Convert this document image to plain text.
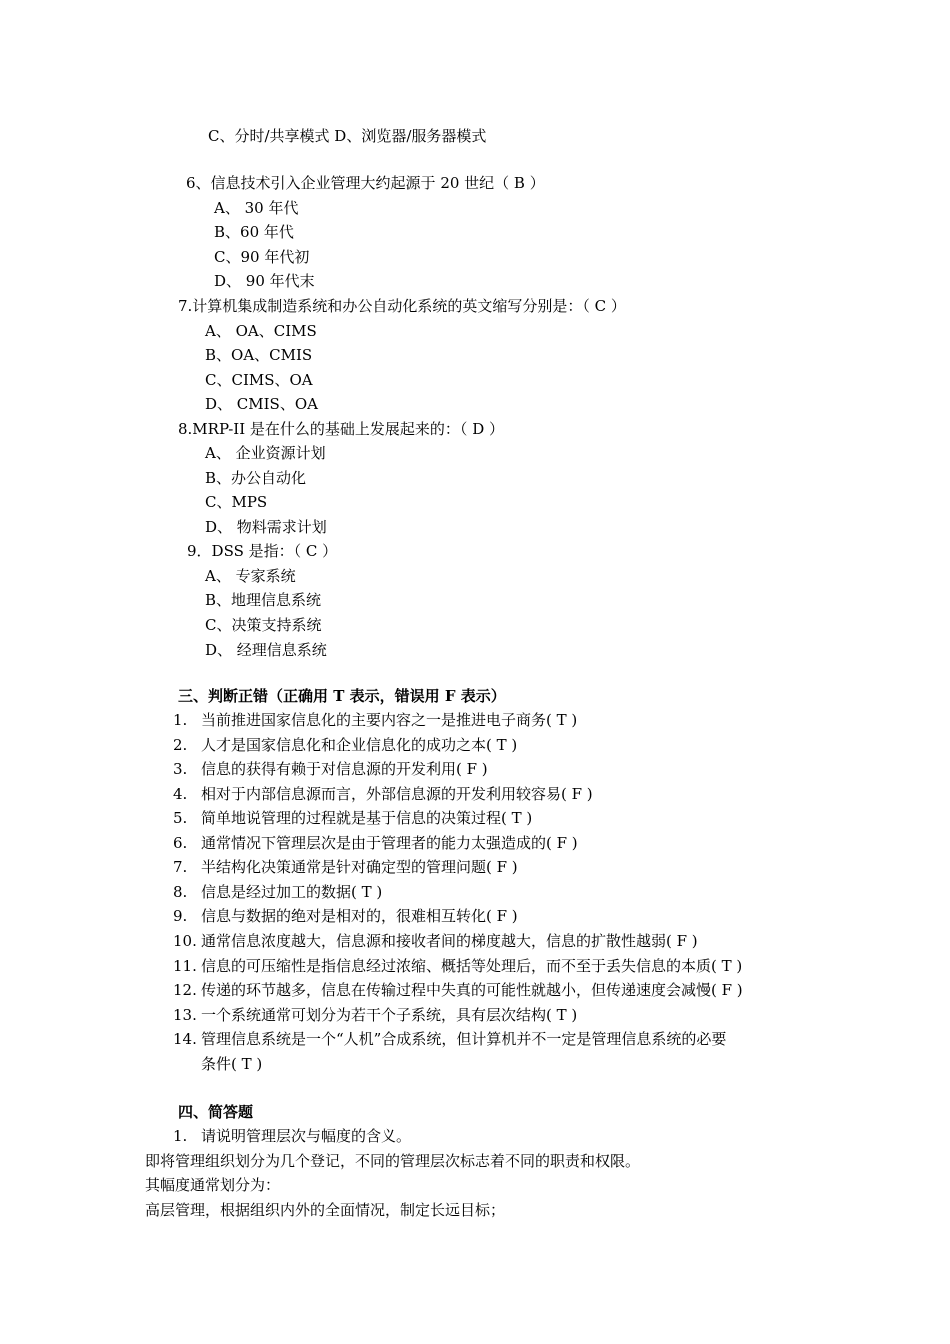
C、分时/共享模式 D、浏览器/服务器模式
6、信息技术引入企业管理大约起源于 20 世纪（ B ）
A、 30 年代
B、60 年代
C、90 年代初
D、 90 年代末
7.计算机集成制造系统和办公自动化系统的英文缩写分别是：（ C ）
A、 OA、CIMS
B、OA、CMIS
C、CIMS、OA
D、 CMIS、OA
8.MRP-II 是在什么的基础上发展起来的：（ D ）
A、 企业资源计划
B、办公自动化
C、MPS
D、 物料需求计划
9．DSS 是指：（ C ）
A、 专家系统
B、地理信息系统
C、决策支持系统
D、 经理信息系统
三、判断正错（正确用 T 表示，错误用 F 表示）
1. 当前推进国家信息化的主要内容之一是推进电子商务( T )
2. 人才是国家信息化和企业信息化的成功之本( T )
3. 信息的获得有赖于对信息源的开发利用( F )
4. 相对于内部信息源而言，外部信息源的开发利用较容易( F )
5. 简单地说管理的过程就是基于信息的决策过程( T )
6. 通常情况下管理层次是由于管理者的能力太强造成的( F )
7. 半结构化决策通常是针对确定型的管理问题( F )
8. 信息是经过加工的数据( T )
9. 信息与数据的绝对是相对的，很难相互转化( F )
10. 通常信息浓度越大，信息源和接收者间的梯度越大，信息的扩散性越弱( F )
11. 信息的可压缩性是指信息经过浓缩、概括等处理后，而不至于丢失信息的本质( T )
12. 传递的环节越多，信息在传输过程中失真的可能性就越小，但传递速度会减慢( F )
13. 一个系统通常可划分为若干个子系统，具有层次结构( T )
14. 管理信息系统是一个“人机”合成系统，但计算机并不一定是管理信息系统的必要
条件( T )
四、简答题
1. 请说明管理层次与幅度的含义。
即将管理组织划分为几个登记，不同的管理层次标志着不同的职责和权限。
其幅度通常划分为：
高层管理，根据组织内外的全面情况，制定长远目标；
